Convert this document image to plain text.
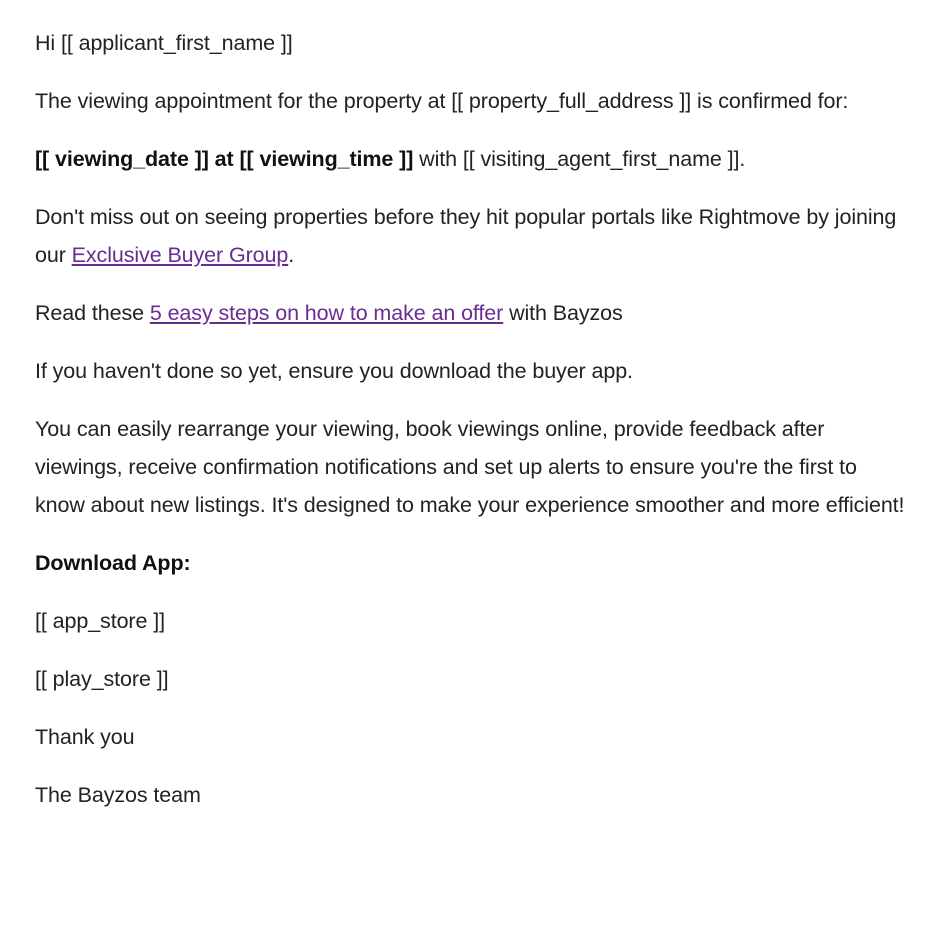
Hi [[ applicant_first_name ]]

The viewing appointment for the property at [[ property_full_address ]] is confirmed for:

[[ viewing_date ]] at [[ viewing_time ]] with [[ visiting_agent_first_name ]].

Don't miss out on seeing properties before they hit popular portals like Rightmove by joining our Exclusive Buyer Group.

Read these 5 easy steps on how to make an offer with Bayzos

If you haven't done so yet, ensure you download the buyer app.

You can easily rearrange your viewing, book viewings online, provide feedback after viewings, receive confirmation notifications and set up alerts to ensure you're the first to know about new listings. It's designed to make your experience smoother and more efficient!

Download App:

[[ app_store ]]

[[ play_store ]]

Thank you

The Bayzos team
